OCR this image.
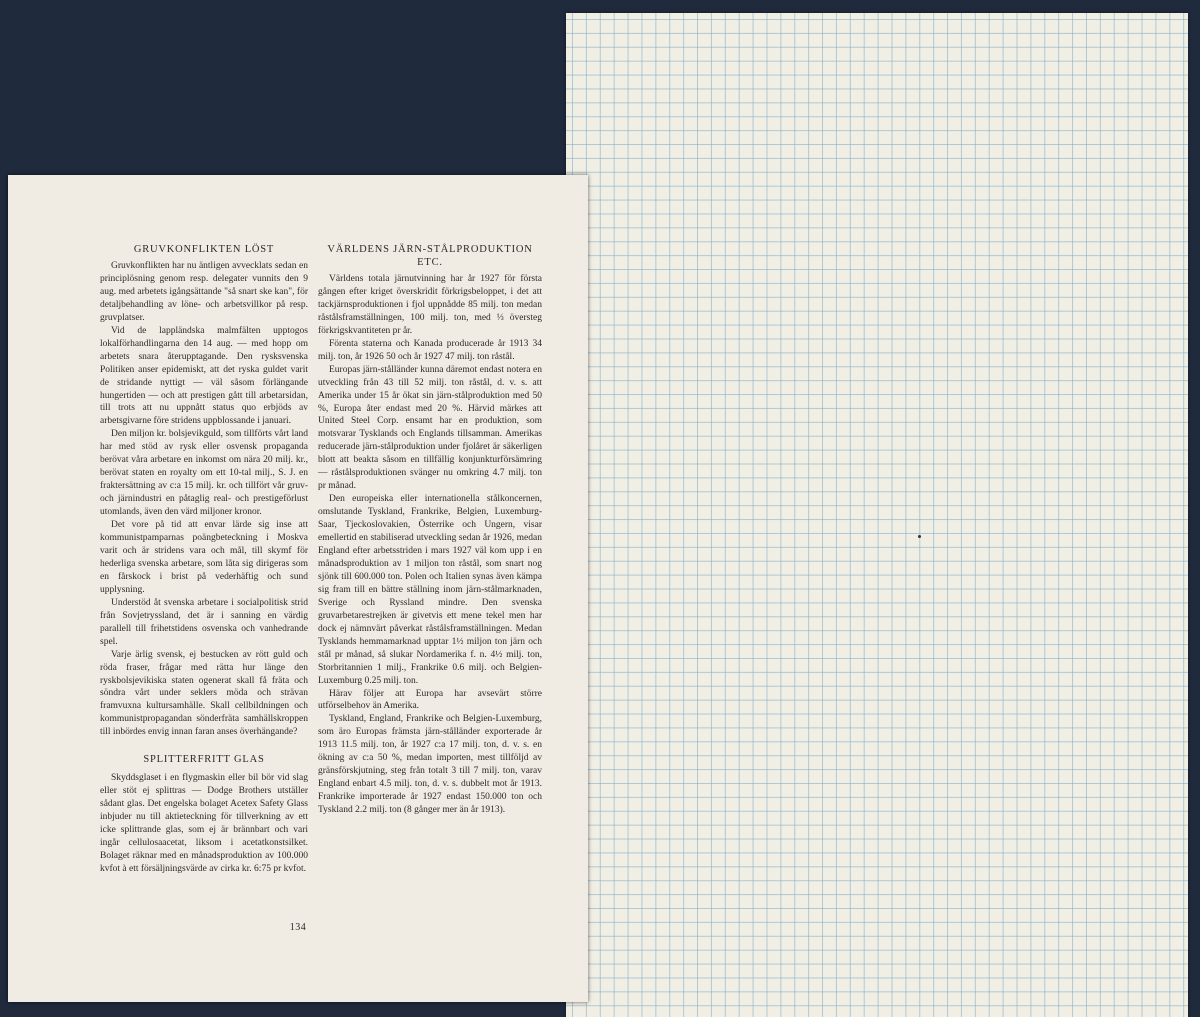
GRUVKONFLIKTEN LÖST

Gruvkonflikten har nu äntligen avvecklats sedan en principlösning genom resp. delegater vunnits den 9 aug. med arbetets igångsättande "så snart ske kan", för detaljbehandling av löne- och arbetsvillkor på resp. gruvplatser.

Vid de lappländska malmfälten upptogos lokalförhandlingarna den 14 aug. — med hopp om arbetets snara återupptagande. Den rysksvenska Politiken anser epidemiskt, att det ryska guldet varit de stridande nyttigt — väl såsom förlängande hungertiden — och att prestigen gått till arbetarsidan, till trots att nu uppnått status quo erbjöds av arbetsgivarne före stridens uppblossande i januari.

Den miljon kr. bolsjevikguld, som tillförts vårt land har med stöd av rysk eller osvensk propaganda berövat våra arbetare en inkomst om nära 20 milj. kr., berövat staten en royalty om ett 10-tal milj., S. J. en fraktersättning av c:a 15 milj. kr. och tillfört vår gruv- och järnindustri en påtaglig real- och prestigeförlust utomlands, även den värd miljoner kronor.

Det vore på tid att envar lärde sig inse att kommunistpamparnas poängbeteckning i Moskva varit och är stridens vara och mål, till skymf för hederliga svenska arbetare, som låta sig dirigeras som en fårskock i brist på vederhäftig och sund upplysning.

Understöd åt svenska arbetare i socialpolitisk strid från Sovjetryssland, det är i sanning en värdig parallell till frihetstidens osvenska och vanhedrande spel.

Varje ärlig svensk, ej bestucken av rött guld och röda fraser, frågar med rätta hur länge den ryskbolsjevikiska staten ogenerat skall få fräta och söndra vårt under seklers möda och strävan framvuxna kultursamhälle. Skall cellbildningen och kommunistpropagandan sönderfräta samhällskroppen till inbördes envig innan faran anses överhängande?

SPLITTERFRITT GLAS

Skyddsglaset i en flygmaskin eller bil bör vid slag eller stöt ej splittras — Dodge Brothers utställer sådant glas. Det engelska bolaget Acetex Safety Glass inbjuder nu till aktieteckning för tillverkning av ett icke splittrande glas, som ej är brännbart och vari ingår cellulosaacetat, liksom i acetatkonstsilket. Bolaget räknar med en månadsproduktion av 100.000 kvfot à ett försäljningsvärde av cirka kr. 6:75 pr kvfot.

VÄRLDENS JÄRN-STÅLPRODUKTION ETC.

Världens totala järnutvinning har år 1927 för första gången efter kriget överskridit förkrigsbeloppet, i det att tackjärnsproduktionen i fjol uppnådde 85 milj. ton medan råstålsframställningen, 100 milj. ton, med ⅓ översteg förkrigskvantiteten pr år.

Förenta staterna och Kanada producerade år 1913 34 milj. ton, år 1926 50 och år 1927 47 milj. ton råstål.

Europas järn-stålländer kunna däremot endast notera en utveckling från 43 till 52 milj. ton råstål, d. v. s. att Amerika under 15 år ökat sin järn-stålproduktion med 50 %, Europa åter endast med 20 %. Härvid märkes att United Steel Corp. ensamt har en produktion, som motsvarar Tysklands och Englands tillsamman. Amerikas reducerade järn-stålproduktion under fjolåret är säkerligen blott att beakta såsom en tillfällig konjunkturförsämring — råstålsproduktionen svänger nu omkring 4.7 milj. ton pr månad.

Den europeiska eller internationella stålkoncernen, omslutande Tyskland, Frankrike, Belgien, Luxemburg-Saar, Tjeckoslovakien, Österrike och Ungern, visar emellertid en stabiliserad utveckling sedan år 1926, medan England efter arbetsstriden i mars 1927 väl kom upp i en månadsproduktion av 1 miljon ton råstål, som snart nog sjönk till 600.000 ton. Polen och Italien synas även kämpa sig fram till en bättre ställning inom järn-stålmarknaden, Sverige och Ryssland mindre. Den svenska gruvarbetarestrejken är givetvis ett mene tekel men har dock ej nämnvärt påverkat råstålsframställningen. Medan Tysklands hemmamarknad upptar 1½ miljon ton järn och stål pr månad, så slukar Nordamerika f. n. 4½ milj. ton, Storbritannien 1 milj., Frankrike 0.6 milj. och Belgien-Luxemburg 0.25 milj. ton.

Härav följer att Europa har avsevärt större utförselbehov än Amerika.

Tyskland, England, Frankrike och Belgien-Luxemburg, som äro Europas främsta järn-stålländer exporterade år 1913 11.5 milj. ton, år 1927 c:a 17 milj. ton, d. v. s. en ökning av c:a 50 %, medan importen, mest tillföljd av gränsförskjutning, steg från totalt 3 till 7 milj. ton, varav England enbart 4.5 milj. ton, d. v. s. dubbelt mot år 1913. Frankrike importerade år 1927 endast 150.000 ton och Tyskland 2.2 milj. ton (8 gånger mer än år 1913).

134
